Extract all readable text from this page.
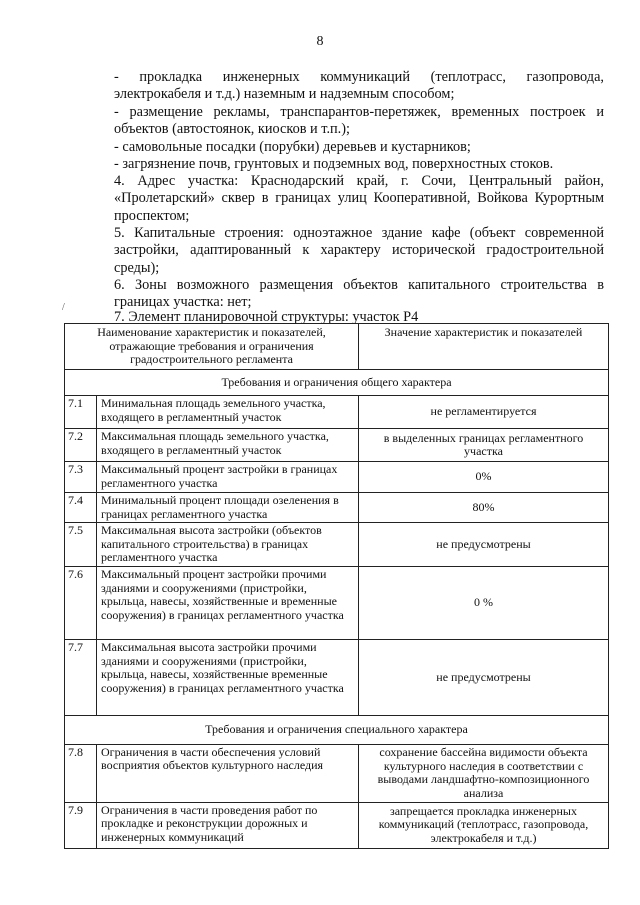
8
- прокладка инженерных коммуникаций (теплотрасс, газопровода, электрокабеля и т.д.) наземным и надземным способом;
- размещение рекламы, транспарантов-перетяжек, временных построек и объектов (автостоянок, киосков и т.п.);
- самовольные посадки (порубки) деревьев и кустарников;
- загрязнение почв, грунтовых и подземных вод, поверхностных стоков.
4. Адрес участка: Краснодарский край, г. Сочи, Центральный район, «Пролетарский» сквер в границах улиц Кооперативной, Войкова Курортным проспектом;
5. Капитальные строения: одноэтажное здание кафе (объект современной застройки, адаптированный к характеру исторической градостроительной среды);
6. Зоны возможного размещения объектов капитального строительства в границах участка: нет;
7. Элемент планировочной структуры: участок Р4
Наименование характеристик и показателей, отражающие требования и ограничения градостроительного регламента		Значение характеристик и показателей
Требования и ограничения общего характера		
7.1	Минимальная площадь земельного участка, входящего в регламентный участок	не регламентируется
7.2	Максимальная площадь земельного участка, входящего в регламентный участок	в выделенных границах регламентного участка
7.3	Максимальный процент застройки в границах регламентного участка	0%
7.4	Минимальный процент площади озеленения в границах регламентного участка	80%
7.5	Максимальная высота застройки (объектов капитального строительства) в границах регламентного участка	не предусмотрены
7.6	Максимальный процент застройки прочими зданиями и сооружениями (пристройки, крыльца, навесы, хозяйственные и временные сооружения) в границах регламентного участка	0 %
7.7	Максимальная высота застройки прочими зданиями и сооружениями (пристройки, крыльца, навесы, хозяйственные временные сооружения) в границах регламентного участка	не предусмотрены
Требования и ограничения специального характера		
7.8	Ограничения в части обеспечения условий восприятия объектов культурного наследия	сохранение бассейна видимости объекта культурного наследия в соответствии с выводами ландшафтно-композиционного анализа
7.9	Ограничения в части проведения работ по прокладке и реконструкции дорожных и инженерных коммуникаций	запрещается прокладка инженерных коммуникаций (теплотрасс, газопровода, электрокабеля и т.д.)
/
